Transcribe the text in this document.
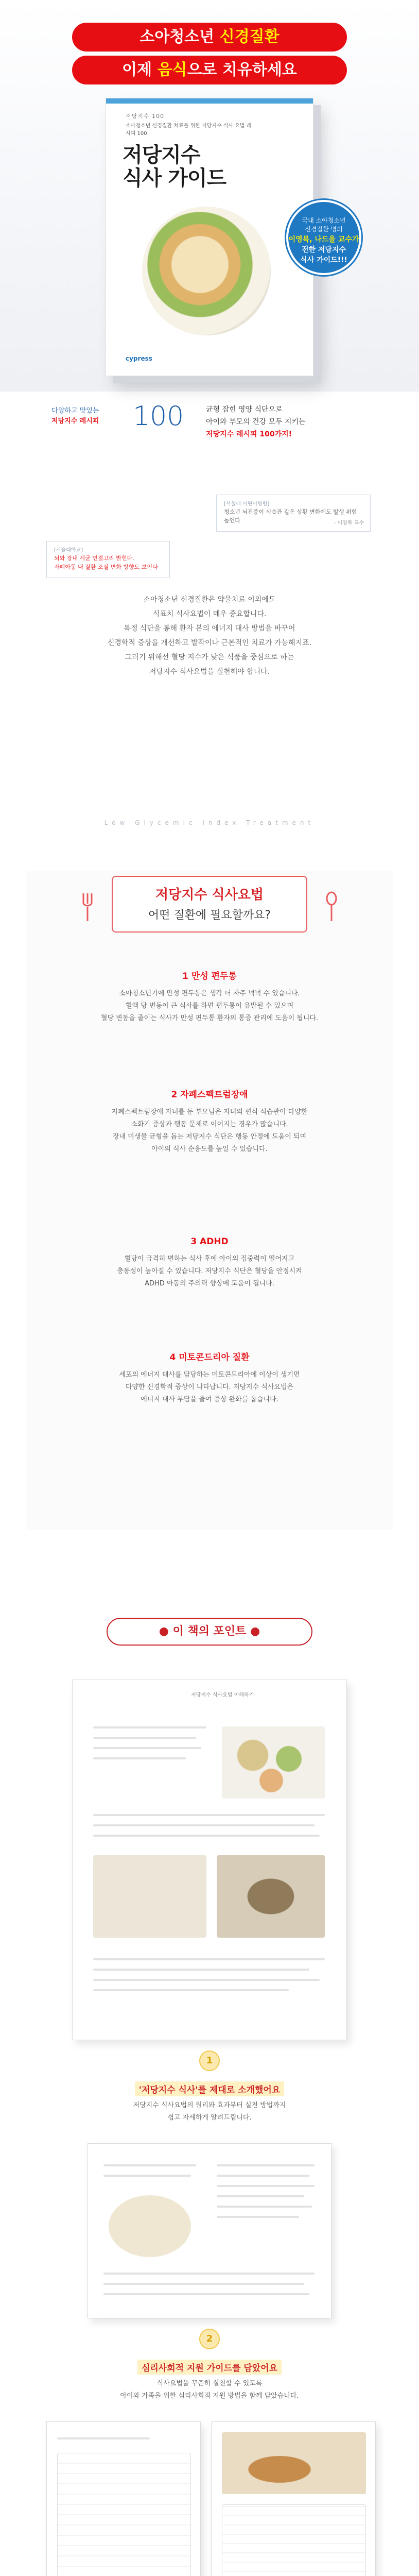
소아청소년 신경질환
이제 음식으로 치유하세요
저당지수 100
소아청소년 신경질환 치료를 위한 저당지수 식사 요법 레시피 100
저당지수
식사 가이드
cypress
국내 소아청소년
신경질환 명의
이영목, 나드올 교수가
전한 저당지수
식사 가이드!!!
다양하고 맛있는
저당지수 레시피 100	균형 잡힌 영양 식단으로
아이와 부모의 건강 모두 지키는
저당지수 레시피 100가지!
[서울대 어린이병원]
청소년 뇌전증이 식습관 같은 상황 변화에도 발생 위험 높인다	- 이영목 교수
[서울대학교]
뇌와 장내 세균 연결고리 밝힌다.
자폐아동 내 질환 조절 변화 방향도 보인다
소아청소년 신경질환은 약물치료 이외에도
식표치 식사요법이 매우 중요합니다.
특정 식단을 통해 환자 본의 에너지 대사 방법을 바꾸어
신경학적 증상을 개선하고 발작이나 근본적인 치료가 가능해지죠.
그러기 위해선 혈당 지수가 낮은 식품을 중심으로 하는
저당지수 식사요법을 실천해야 합니다.
Low Glycemic Index Treatment
저당지수 식사요법
어떤 질환에 필요할까요?
1 만성 편두통
소아청소년기에 만성 편두통은 생각 더 자주 넉넉 수 있습니다.
혈액 당 변동이 큰 식사를 하면 편두통이 유발될 수 있으며
혈당 변동을 줄이는 식사가 만성 편두통 환자의 통증 관리에 도움이 됩니다.
2 자폐스펙트럼장애
자폐스펙트럼장애 자녀를 둔 부모님은 자녀의 편식 식습관이 다양한
소화기 증상과 행동 문제로 이어지는 경우가 많습니다.
장내 미생물 균형을 돕는 저당지수 식단은 행동 안정에 도움이 되며
아이의 식사 순응도를 높일 수 있습니다.
3 ADHD
혈당이 급격히 변하는 식사 후에 아이의 집중력이 떨어지고
충동성이 높아질 수 있습니다. 저당지수 식단은 혈당을 안정시켜
ADHD 아동의 주의력 향상에 도움이 됩니다.
4 미토콘드리아 질환
세포의 에너지 대사를 담당하는 미토콘드리아에 이상이 생기면
다양한 신경학적 증상이 나타납니다. 저당지수 식사요법은
에너지 대사 부담을 줄여 증상 완화를 돕습니다.
● 이 책의 포인트 ●
저당지수 식사요법 이해하기
1
'저당지수 식사'를 제대로 소개했어요
저당지수 식사요법의 원리와 효과부터 실천 방법까지
쉽고 자세하게 알려드립니다.
2
심리사회적 지원 가이드를 담았어요
식사요법을 꾸준히 실천할 수 있도록
아이와 가족을 위한 심리사회적 지원 방법을 함께 담았습니다.
